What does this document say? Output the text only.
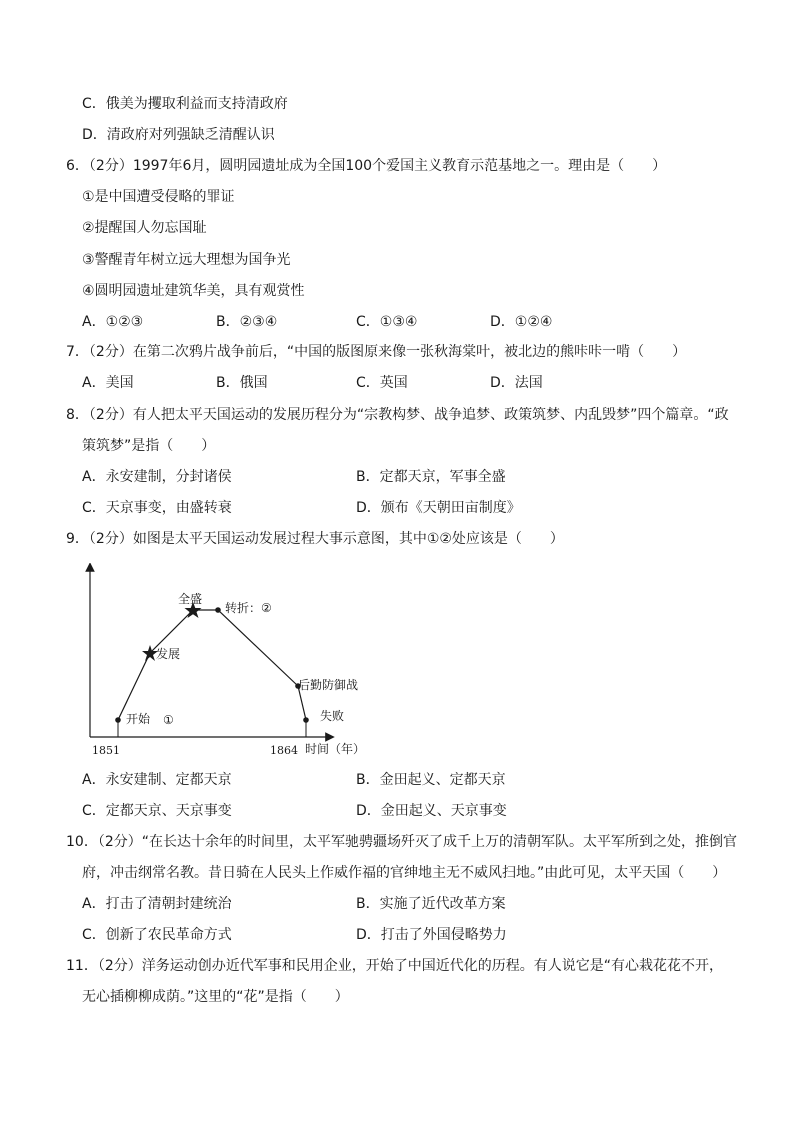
C．俄美为攫取利益而支持清政府
D．清政府对列强缺乏清醒认识
6．（2分）1997年6月，圆明园遗址成为全国100个爱国主义教育示范基地之一。理由是（　　）
①是中国遭受侵略的罪证
②提醒国人勿忘国耻
③警醒青年树立远大理想为国争光
④圆明园遗址建筑华美，具有观赏性
A．①②③	B．②③④	C．①③④	D．①②④
7．（2分）在第二次鸦片战争前后，“中国的版图原来像一张秋海棠叶，被北边的熊咔咔一啃（　　）
A．美国	B．俄国	C．英国	D．法国
8．（2分）有人把太平天国运动的发展历程分为“宗教构梦、战争追梦、政策筑梦、内乱毁梦”四个篇章。“政
策筑梦”是指（　　）
A．永安建制，分封诸侯	B．定都天京，军事全盛
C．天京事变，由盛转衰	D．颁布《天朝田亩制度》
9．（2分）如图是太平天国运动发展过程大事示意图，其中①②处应该是（　　）
开始 ①
发展
全盛
转折：②
后勤防御战
失败
1851	1864 时间（年）
A．永安建制、定都天京	B．金田起义、定都天京
C．定都天京、天京事变	D．金田起义、天京事变
10．（2分）“在长达十余年的时间里，太平军驰骋疆场歼灭了成千上万的清朝军队。太平军所到之处，推倒官
府，冲击纲常名教。昔日骑在人民头上作威作福的官绅地主无不威风扫地。”由此可见，太平天国（　　）
A．打击了清朝封建统治	B．实施了近代改革方案
C．创新了农民革命方式	D．打击了外国侵略势力
11．（2分）洋务运动创办近代军事和民用企业，开始了中国近代化的历程。有人说它是“有心栽花花不开，
无心插柳柳成荫。”这里的“花”是指（　　）
